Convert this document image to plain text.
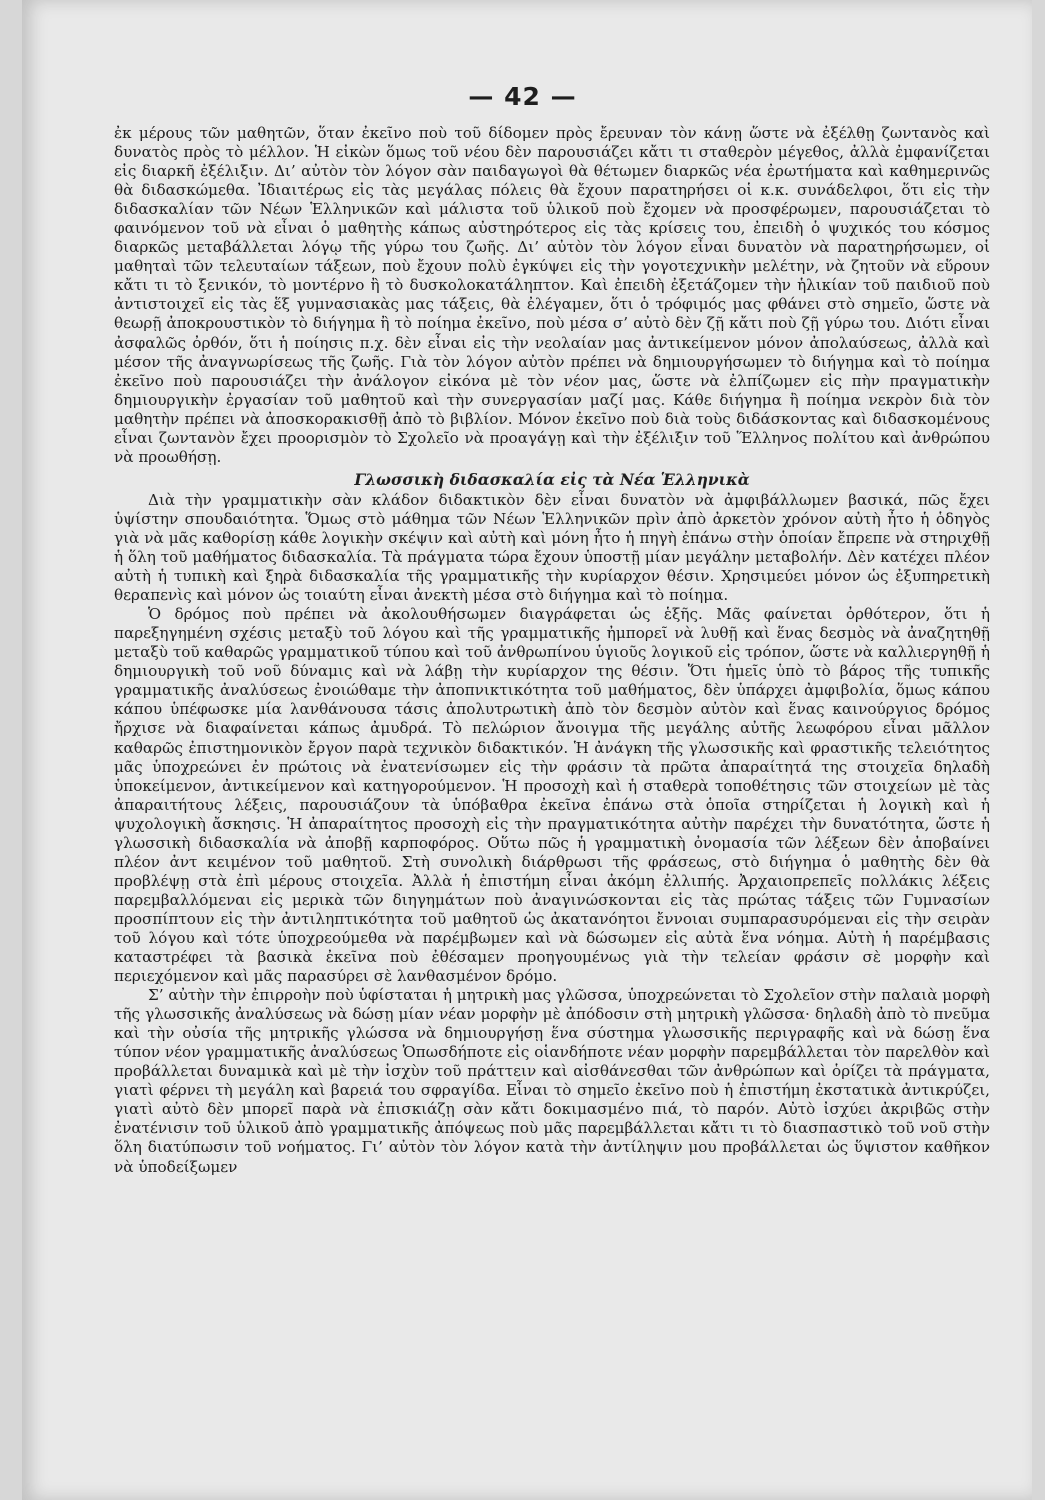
— 42 —

ἐκ μέρους τῶν μαθητῶν, ὅταν ἐκεῖνο ποὺ τοῦ δίδομεν πρὸς ἔρευναν τὸν κάνῃ ὥστε νὰ ἐξέλθῃ ζωντανὸς καὶ δυνατὸς πρὸς τὸ μέλλον. Ἡ εἰκὼν ὅμως τοῦ νέου δὲν παρουσιάζει κἄτι τι σταθερὸν μέγεθος, ἀλλὰ ἐμφανίζεται εἰς διαρκῆ ἐξέλιξιν. Δι’ αὐτὸν τὸν λόγον σὰν παιδαγωγοὶ θὰ θέτωμεν διαρκῶς νέα ἐρωτήματα καὶ καθημερινῶς θὰ διδασκώμεθα. Ἰδιαιτέρως εἰς τὰς μεγάλας πόλεις θὰ ἔχουν παρατηρήσει οἱ κ.κ. συνάδελφοι, ὅτι εἰς τὴν διδασκαλίαν τῶν Νέων Ἑλληνικῶν καὶ μάλιστα τοῦ ὑλικοῦ ποὺ ἔχομεν νὰ προσφέρωμεν, παρουσιάζεται τὸ φαινόμενον τοῦ νὰ εἶναι ὁ μαθητὴς κάπως αὐστηρότερος εἰς τὰς κρίσεις του, ἐπειδὴ ὁ ψυχικός του κόσμος διαρκῶς μεταβάλλεται λόγῳ τῆς γύρω του ζωῆς. Δι’ αὐτὸν τὸν λόγον εἶναι δυνατὸν νὰ παρατηρήσωμεν, οἱ μαθηταὶ τῶν τελευταίων τάξεων, ποὺ ἔχουν πολὺ ἐγκύψει εἰς τὴν γογοτεχνικὴν μελέτην, νὰ ζητοῦν νὰ εὕρουν κἄτι τι τὸ ξενικόν, τὸ μοντέρνο ἢ τὸ δυσκολοκατάληπτον. Καὶ ἐπειδὴ ἐξετάζομεν τὴν ἡλικίαν τοῦ παιδιοῦ ποὺ ἀντιστοιχεῖ εἰς τὰς ἕξ γυμνασιακὰς μας τάξεις, θὰ ἐλέγαμεν, ὅτι ὁ τρόφιμός μας φθάνει στὸ σημεῖο, ὥστε νὰ θεωρῇ ἀποκρουστικὸν τὸ διήγημα ἢ τὸ ποίημα ἐκεῖνο, ποὺ μέσα σ’ αὐτὸ δὲν ζῇ κἄτι ποὺ ζῇ γύρω του. Διότι εἶναι ἀσφαλῶς ὀρθόν, ὅτι ἡ ποίησις π.χ. δὲν εἶναι εἰς τὴν νεολαίαν μας ἀντικείμενον μόνον ἀπολαύσεως, ἀλλὰ καὶ μέσον τῆς ἀναγνωρίσεως τῆς ζωῆς. Γιὰ τὸν λόγον αὐτὸν πρέπει νὰ δημιουργήσωμεν τὸ διήγημα καὶ τὸ ποίημα ἐκεῖνο ποὺ παρουσιάζει τὴν ἀνάλογον εἰκόνα μὲ τὸν νέον μας, ὥστε νὰ ἐλπίζωμεν εἰς πὴν πραγματικὴν δημιουργικὴν ἐργασίαν τοῦ μαθητοῦ καὶ τὴν συνεργασίαν μαζί μας. Κάθε διήγημα ἢ ποίημα νεκρὸν διὰ τὸν μαθητὴν πρέπει νὰ ἀποσκορακισθῇ ἀπὸ τὸ βιβλίον. Μόνον ἐκεῖνο ποὺ διὰ τοὺς διδάσκοντας καὶ διδασκομένους εἶναι ζωντανὸν ἔχει προορισμὸν τὸ Σχολεῖο νὰ προαγάγῃ καὶ τὴν ἐξέλιξιν τοῦ Ἕλληνος πολίτου καὶ ἀνθρώπου νὰ προωθήσῃ.

Γλωσσικὴ διδασκαλία εἰς τὰ Νέα Ἑλληνικὰ

Διὰ τὴν γραμματικὴν σὰν κλάδον διδακτικὸν δὲν εἶναι δυνατὸν νὰ ἀμφιβάλλωμεν βασικά, πῶς ἔχει ὑψίστην σπουδαιότητα. Ὅμως στὸ μάθημα τῶν Νέων Ἑλληνικῶν πρὶν ἀπὸ ἀρκετὸν χρόνον αὐτὴ ἦτο ἡ ὁδηγὸς γιὰ νὰ μᾶς καθορίσῃ κάθε λογικὴν σκέψιν καὶ αὐτὴ καὶ μόνη ἦτο ἡ πηγὴ ἐπάνω στὴν ὁποίαν ἔπρεπε νὰ στηριχθῇ ἡ ὅλη τοῦ μαθήματος διδασκαλία. Τὰ πράγματα τώρα ἔχουν ὑποστῇ μίαν μεγάλην μεταβολήν. Δὲν κατέχει πλέον αὐτὴ ἡ τυπικὴ καὶ ξηρὰ διδασκαλία τῆς γραμματικῆς τὴν κυρίαρχον θέσιν. Χρησιμεύει μόνον ὡς ἐξυπηρετικὴ θεραπενὶς καὶ μόνον ὡς τοιαύτη εἶναι ἀνεκτὴ μέσα στὸ διήγημα καὶ τὸ ποίημα.

Ὁ δρόμος ποὺ πρέπει νὰ ἀκολουθήσωμεν διαγράφεται ὡς ἑξῆς. Μᾶς φαίνεται ὀρθότερον, ὅτι ἡ παρεξηγημένη σχέσις μεταξὺ τοῦ λόγου καὶ τῆς γραμματικῆς ἠμπορεῖ νὰ λυθῇ καὶ ἕνας δεσμὸς νὰ ἀναζητηθῇ μεταξὺ τοῦ καθαρῶς γραμματικοῦ τύπου καὶ τοῦ ἀνθρωπίνου ὑγιοῦς λογικοῦ εἰς τρόπον, ὥστε νὰ καλλιεργηθῇ ἡ δημιουργικὴ τοῦ νοῦ δύναμις καὶ νὰ λάβῃ τὴν κυρίαρχον της θέσιν. Ὅτι ἡμεῖς ὑπὸ τὸ βάρος τῆς τυπικῆς γραμματικῆς ἀναλύσεως ἐνοιώθαμε τὴν ἀποπνικτικότητα τοῦ μαθήματος, δὲν ὑπάρχει ἀμφιβολία, ὅμως κάπου κάπου ὑπέφωσκε μία λανθάνουσα τάσις ἀπολυτρωτικὴ ἀπὸ τὸν δεσμὸν αὐτὸν καὶ ἕνας καινούργιος δρόμος ἤρχισε νὰ διαφαίνεται κάπως ἀμυδρά. Τὸ πελώριον ἄνοιγμα τῆς μεγάλης αὐτῆς λεωφόρου εἶναι μᾶλλον καθαρῶς ἐπιστημονικὸν ἔργον παρὰ τεχνικὸν διδακτικόν. Ἡ ἀνάγκη τῆς γλωσσικῆς καὶ φραστικῆς τελειότητος μᾶς ὑποχρεώνει ἐν πρώτοις νὰ ἐνατενίσωμεν εἰς τὴν φράσιν τὰ πρῶτα ἀπαραίτητά της στοιχεῖα δηλαδὴ ὑποκείμενον, ἀντικείμενον καὶ κατηγορούμενον. Ἡ προσοχὴ καὶ ἡ σταθερὰ τοποθέτησις τῶν στοιχείων μὲ τὰς ἀπαραιτήτους λέξεις, παρουσιάζουν τὰ ὑπόβαθρα ἐκεῖνα ἐπάνω στὰ ὁποῖα στηρίζεται ἡ λογικὴ καὶ ἡ ψυχολογικὴ ἄσκησις. Ἡ ἀπαραίτητος προσοχὴ εἰς τὴν πραγματικότητα αὐτὴν παρέχει τὴν δυνατότητα, ὥστε ἡ γλωσσικὴ διδασκαλία νὰ ἀποβῇ καρποφόρος. Οὕτω πῶς ἡ γραμματικὴ ὀνομασία τῶν λέξεων δὲν ἀποβαίνει πλέον ἀντ κειμένον τοῦ μαθητοῦ. Στὴ συνολικὴ διάρθρωσι τῆς φράσεως, στὸ διήγημα ὁ μαθητὴς δὲν θὰ προβλέψῃ στὰ ἐπὶ μέρους στοιχεῖα. Ἀλλὰ ἡ ἐπιστήμη εἶναι ἀκόμη ἐλλιπής. Ἀρχαιοπρεπεῖς πολλάκις λέξεις παρεμβαλλόμεναι εἰς μερικὰ τῶν διηγημάτων ποὺ ἀναγινώσκονται εἰς τὰς πρώτας τάξεις τῶν Γυμνασίων προσπίπτουν εἰς τὴν ἀντιληπτικότητα τοῦ μαθητοῦ ὡς ἀκατανόητοι ἔννοιαι συμπαρασυρόμεναι εἰς τὴν σειρὰν τοῦ λόγου καὶ τότε ὑποχρεούμεθα νὰ παρέμβωμεν καὶ νὰ δώσωμεν εἰς αὐτὰ ἕνα νόημα. Αὐτὴ ἡ παρέμβασις καταστρέφει τὰ βασικὰ ἐκεῖνα ποὺ ἐθέσαμεν προηγουμένως γιὰ τὴν τελείαν φράσιν σὲ μορφὴν καὶ περιεχόμενον καὶ μᾶς παρασύρει σὲ λανθασμένον δρόμο.

Σ’ αὐτὴν τὴν ἐπιρροὴν ποὺ ὑφίσταται ἡ μητρικὴ μας γλῶσσα, ὑποχρεώνεται τὸ Σχολεῖον στὴν παλαιὰ μορφὴ τῆς γλωσσικῆς ἀναλύσεως νὰ δώσῃ μίαν νέαν μορφὴν μὲ ἀπόδοσιν στὴ μητρικὴ γλῶσσα· δηλαδὴ ἀπὸ τὸ πνεῦμα καὶ τὴν οὐσία τῆς μητρικῆς γλώσσα νὰ δημιουργήσῃ ἕνα σύστημα γλωσσικῆς περιγραφῆς καὶ νὰ δώσῃ ἕνα τύπον νέον γραμματικῆς ἀναλύσεως Ὁπωσδήποτε εἰς οἱανδήποτε νέαν μορφὴν παρεμβάλλεται τὸν παρελθὸν καὶ προβάλλεται δυναμικὰ καὶ μὲ τὴν ἰσχὺν τοῦ πράττειν καὶ αἰσθάνεσθαι τῶν ἀνθρώπων καὶ ὁρίζει τὰ πράγματα, γιατὶ φέρνει τὴ μεγάλη καὶ βαρειά του σφραγίδα. Εἶναι τὸ σημεῖο ἐκεῖνο ποὺ ἡ ἐπιστήμη ἐκστατικὰ ἀντικρύζει, γιατὶ αὐτὸ δὲν μπορεῖ παρὰ νὰ ἐπισκιάζῃ σὰν κἄτι δοκιμασμένο πιά, τὸ παρόν. Αὐτὸ ἰσχύει ἀκριβῶς στὴν ἐνατένισιν τοῦ ὑλικοῦ ἀπὸ γραμματικῆς ἀπόψεως ποὺ μᾶς παρεμβάλλεται κἄτι τι τὸ διασπαστικὸ τοῦ νοῦ στὴν ὅλη διατύπωσιν τοῦ νοήματος. Γι’ αὐτὸν τὸν λόγον κατὰ τὴν ἀντίληψιν μου προβάλλεται ὡς ὕψιστον καθῆκον νὰ ὑποδείξωμεν
